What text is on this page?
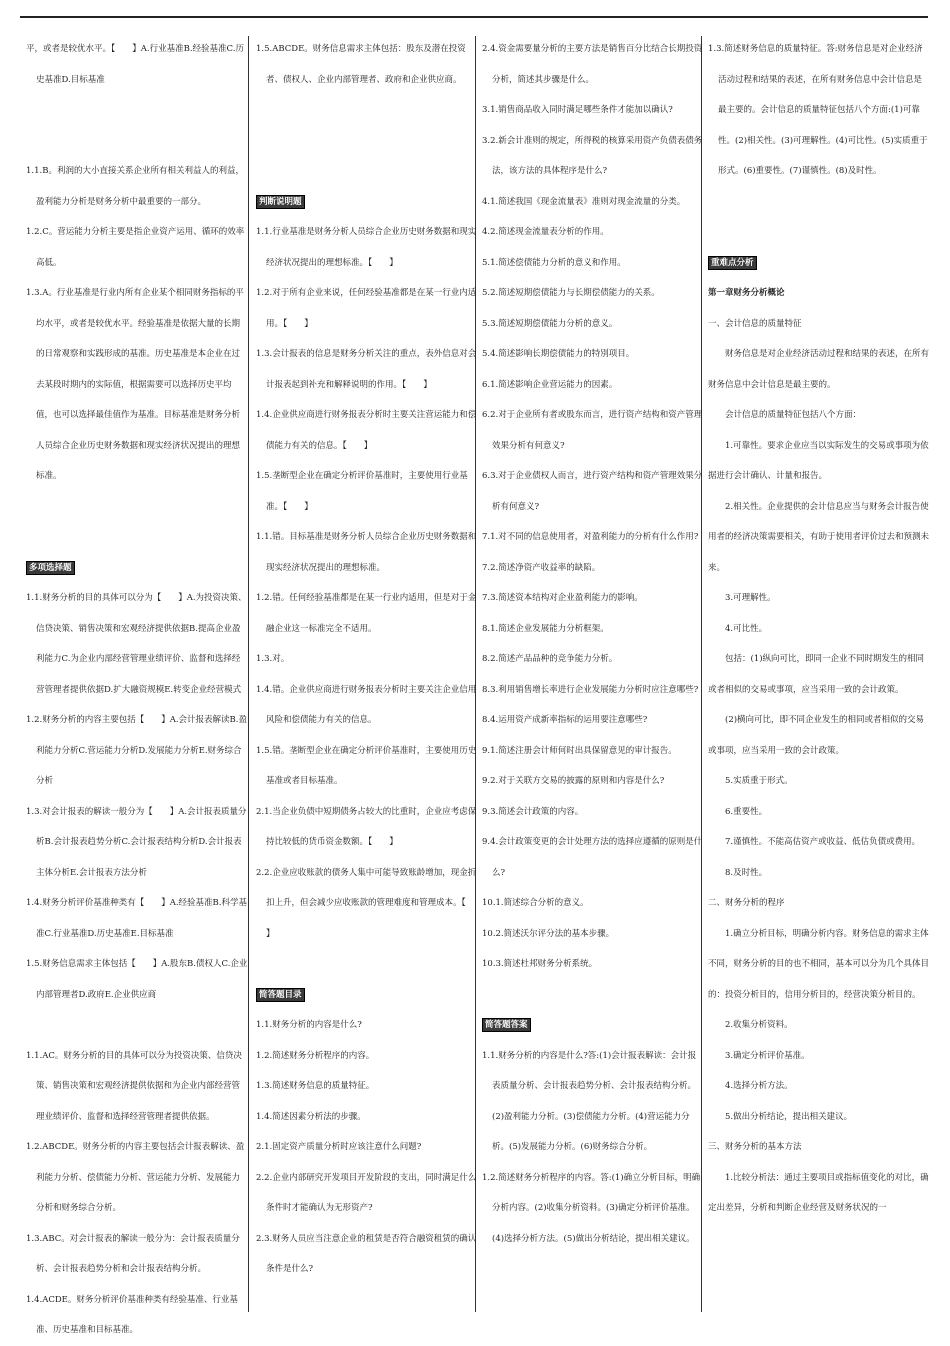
平，或者是较优水平。【　　】A.行业基准B.经验基准C.历史基准D.目标基准

1.1.B。利润的大小直接关系企业所有相关利益人的利益，盈利能力分析是财务分析中最重要的一部分。

1.2.C。营运能力分析主要是指企业资产运用、循环的效率高低。

1.3.A。行业基准是行业内所有企业某个相同财务指标的平均水平，或者是较优水平。经验基准是依据大量的长期的日常观察和实践形成的基准。历史基准是本企业在过去某段时期内的实际值，根据需要可以选择历史平均值，也可以选择最佳值作为基准。目标基准是财务分析人员综合企业历史财务数据和现实经济状况提出的理想标准。

多项选择题

1.1.财务分析的目的具体可以分为【　　】A.为投资决策、信贷决策、销售决策和宏观经济提供依据B.提高企业盈利能力C.为企业内部经营管理业绩评价、监督和选择经营管理者提供依据D.扩大融资规模E.转变企业经营模式

1.2.财务分析的内容主要包括【　　】A.会计报表解读B.盈利能力分析C.营运能力分析D.发展能力分析E.财务综合分析

1.3.对会计报表的解读一般分为【　　】A.会计报表质量分析B.会计报表趋势分析C.会计报表结构分析D.会计报表主体分析E.会计报表方法分析

1.4.财务分析评价基准种类有【　　】A.经验基准B.科学基准C.行业基准D.历史基准E.目标基准

1.5.财务信息需求主体包括【　　】A.股东B.债权人C.企业内部管理者D.政府E.企业供应商

1.1.AC。财务分析的目的具体可以分为投资决策、信贷决策、销售决策和宏观经济提供依据和为企业内部经营管理业绩评价、监督和选择经营管理者提供依据。

1.2.ABCDE。财务分析的内容主要包括会计报表解读、盈利能力分析、偿债能力分析、营运能力分析、发展能力分析和财务综合分析。

1.3.ABC。对会计报表的解读一般分为：会计报表质量分析、会计报表趋势分析和会计报表结构分析。

1.4.ACDE。财务分析评价基准种类有经验基准、行业基准、历史基准和目标基准。

1.5.ABCDE。财务信息需求主体包括：股东及潜在投资者、债权人、企业内部管理者、政府和企业供应商。

判断说明题

1.1.行业基准是财务分析人员综合企业历史财务数据和现实经济状况提出的理想标准。【　　】

1.2.对于所有企业来说，任何经验基准都是在某一行业内适用。【　　】

1.3.会计报表的信息是财务分析关注的重点，表外信息对会计报表起到补充和解释说明的作用。【　　】

1.4.企业供应商进行财务报表分析时主要关注营运能力和偿债能力有关的信息。【　　】

1.5.垄断型企业在确定分析评价基准时，主要使用行业基准。【　　】

1.1.错。目标基准是财务分析人员综合企业历史财务数据和现实经济状况提出的理想标准。

1.2.错。任何经验基准都是在某一行业内适用，但是对于金融企业这一标准完全不适用。

1.3.对。

1.4.错。企业供应商进行财务报表分析时主要关注企业信用风险和偿债能力有关的信息。

1.5.错。垄断型企业在确定分析评价基准时，主要使用历史基准或者目标基准。

2.1.当企业负债中短期债务占较大的比重时，企业应考虑保持比较低的货币资金数额。【　　】

2.2.企业应收账款的债务人集中可能导致账龄增加，现金折扣上升，但会减少应收账款的管理难度和管理成本。【　　】

简答题目录

1.1.财务分析的内容是什么?

1.2.简述财务分析程序的内容。

1.3.简述财务信息的质量特征。

1.4.简述因素分析法的步骤。

2.1.固定资产质量分析时应该注意什么问题?

2.2.企业内部研究开发项目开发阶段的支出，同时满足什么条件时才能确认为无形资产?

2.3.财务人员应当注意企业的租赁是否符合融资租赁的确认条件是什么?

2.4.资金需要量分析的主要方法是销售百分比结合长期投资分析，简述其步骤是什么。

3.1.销售商品收入同时满足哪些条件才能加以确认?

3.2.新会计准则的规定，所得税的核算采用资产负债表债务法，该方法的具体程序是什么?

4.1.简述我国《现金流量表》准则对现金流量的分类。

4.2.简述现金流量表分析的作用。

5.1.简述偿债能力分析的意义和作用。

5.2.简述短期偿债能力与长期偿债能力的关系。

5.3.简述短期偿债能力分析的意义。

5.4.简述影响长期偿债能力的特別项目。

6.1.简述影响企业营运能力的因素。

6.2.对于企业所有者或股东而言，进行资产结构和资产管理效果分析有何意义?

6.3.对于企业债权人而言，进行资产结构和资产管理效果分析有何意义?

7.1.对不同的信息使用者，对盈利能力的分析有什么作用?

7.2.简述净资产收益率的缺陷。

7.3.简述资本结构对企业盈利能力的影响。

8.1.简述企业发展能力分析框架。

8.2.简述产品品种的竞争能力分析。

8.3.利用销售增长率进行企业发展能力分析时应注意哪些?

8.4.运用资产成新率指标的运用要注意哪些?

9.1.简述注册会计师何时出具保留意见的审计报告。

9.2.对于关联方交易的披露的原则和内容是什么?

9.3.简述会计政策的内容。

9.4.会计政策变更的会计处理方法的选择应遵循的原则是什么?

10.1.简述综合分析的意义。

10.2.简述沃尔评分法的基本步骤。

10.3.简述杜邦财务分析系统。

简答题答案

1.1.财务分析的内容是什么?答:(1)会计报表解读：会计报表质量分析、会计报表趋势分析、会计报表结构分析。(2)盈利能力分析。(3)偿债能力分析。(4)营运能力分析。(5)发展能力分析。(6)财务综合分析。

1.2.简述财务分析程序的内容。答:(1)确立分析目标，明确分析内容。(2)收集分析资料。(3)确定分析评价基准。(4)选择分析方法。(5)做出分析结论，提出相关建议。

1.3.简述财务信息的质量特征。答:财务信息是对企业经济活动过程和结果的表述，在所有财务信息中会计信息是最主要的。会计信息的质量特征包括八个方面:(1)可靠性。(2)相关性。(3)可理解性。(4)可比性。(5)实质重于形式。(6)重要性。(7)谨慎性。(8)及时性。

重难点分析

第一章财务分析概论

一、会计信息的质量特征

财务信息是对企业经济活动过程和结果的表述，在所有财务信息中会计信息是最主要的。

会计信息的质量特征包括八个方面：

1.可靠性。要求企业应当以实际发生的交易或事项为依据进行会计确认、计量和报告。

2.相关性。企业提供的会计信息应当与财务会计报告使用者的经济决策需要相关，有助于使用者评价过去和预测未来。

3.可理解性。

4.可比性。

包括：(1)纵向可比，即同一企业不同时期发生的相同或者相似的交易或事项，应当采用一致的会计政策。

(2)横向可比，即不同企业发生的相同或者相似的交易或事项，应当采用一致的会计政策。

5.实质重于形式。

6.重要性。

7.谨慎性。不能高估资产或收益、低估负债或费用。

8.及时性。

二、财务分析的程序

1.确立分析目标，明确分析内容。财务信息的需求主体不同，财务分析的目的也不相同，基本可以分为几个具体目的：投资分析目的，信用分析目的，经营决策分析目的。

2.收集分析资料。

3.确定分析评价基准。

4.选择分析方法。

5.做出分析结论，提出相关建议。

三、财务分析的基本方法

1.比较分析法：通过主要项目或指标值变化的对比，确定出差异，分析和判断企业经营及财务状况的一
